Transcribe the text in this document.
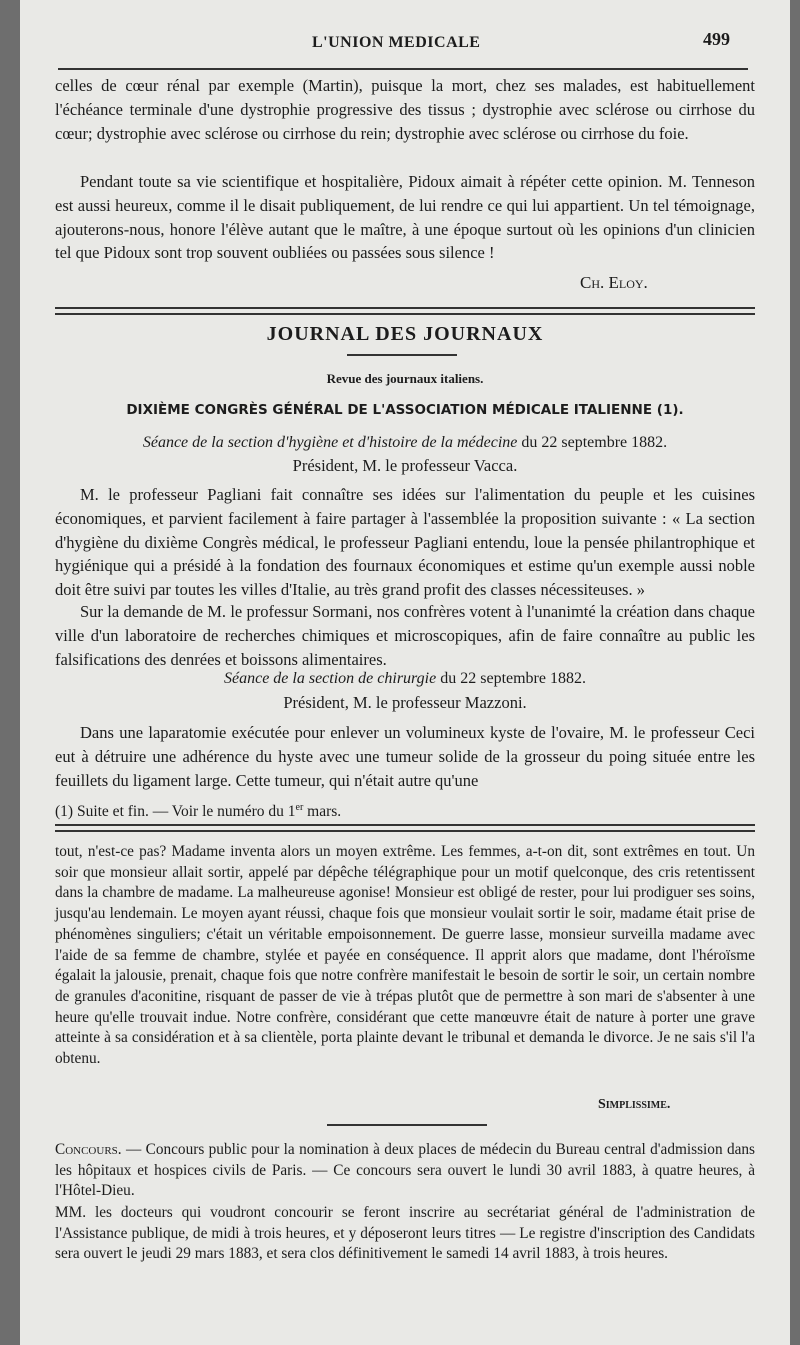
L'UNION MEDICALE	499
celles de cœur rénal par exemple (Martin), puisque la mort, chez ses malades, est habituellement l'échéance terminale d'une dystrophie progressive des tissus ; dystrophie avec sclérose ou cirrhose du cœur; dystrophie avec sclérose ou cirrhose du rein; dystrophie avec sclérose ou cirrhose du foie.
Pendant toute sa vie scientifique et hospitalière, Pidoux aimait à répéter cette opinion. M. Tenneson est aussi heureux, comme il le disait publiquement, de lui rendre ce qui lui appartient. Un tel témoignage, ajouterons-nous, honore l'élève autant que le maître, à une époque surtout où les opinions d'un clinicien tel que Pidoux sont trop souvent oubliées ou passées sous silence !
Ch. Eloy.
JOURNAL DES JOURNAUX
Revue des journaux italiens.
DIXIÈME CONGRÈS GÉNÉRAL DE L'ASSOCIATION MÉDICALE ITALIENNE (1).
Séance de la section d'hygiène et d'histoire de la médecine du 22 septembre 1882.
Président, M. le professeur Vacca.
M. le professeur Pagliani fait connaître ses idées sur l'alimentation du peuple et les cuisines économiques, et parvient facilement à faire partager à l'assemblée la proposition suivante : « La section d'hygiène du dixième Congrès médical, le professeur Pagliani entendu, loue la pensée philantrophique et hygiénique qui a présidé à la fondation des fournaux économiques et estime qu'un exemple aussi noble doit être suivi par toutes les villes d'Italie, au très grand profit des classes nécessiteuses. »
Sur la demande de M. le professur Sormani, nos confrères votent à l'unanimté la création dans chaque ville d'un laboratoire de recherches chimiques et microscopiques, afin de faire connaître au public les falsifications des denrées et boissons alimentaires.
Séance de la section de chirurgie du 22 septembre 1882.
Président, M. le professeur Mazzoni.
Dans une laparatomie exécutée pour enlever un volumineux kyste de l'ovaire, M. le professeur Ceci eut à détruire une adhérence du hyste avec une tumeur solide de la grosseur du poing située entre les feuillets du ligament large. Cette tumeur, qui n'était autre qu'une
(1) Suite et fin. — Voir le numéro du 1er mars.
tout, n'est-ce pas? Madame inventa alors un moyen extrême. Les femmes, a-t-on dit, sont extrêmes en tout. Un soir que monsieur allait sortir, appelé par dépêche télégraphique pour un motif quelconque, des cris retentissent dans la chambre de madame. La malheureuse agonise! Monsieur est obligé de rester, pour lui prodiguer ses soins, jusqu'au lendemain. Le moyen ayant réussi, chaque fois que monsieur voulait sortir le soir, madame était prise de phénomènes singuliers; c'était un véritable empoisonnement. De guerre lasse, monsieur surveilla madame avec l'aide de sa femme de chambre, stylée et payée en conséquence. Il apprit alors que madame, dont l'héroïsme égalait la jalousie, prenait, chaque fois que notre confrère manifestait le besoin de sortir le soir, un certain nombre de granules d'aconitine, risquant de passer de vie à trépas plutôt que de permettre à son mari de s'absenter à une heure qu'elle trouvait indue. Notre confrère, considérant que cette manœuvre était de nature à porter une grave atteinte à sa considération et à sa clientèle, porta plainte devant le tribunal et demanda le divorce. Je ne sais s'il l'a obtenu.
Simplissime.
Concours. — Concours public pour la nomination à deux places de médecin du Bureau central d'admission dans les hôpitaux et hospices civils de Paris. — Ce concours sera ouvert le lundi 30 avril 1883, à quatre heures, à l'Hôtel-Dieu.
MM. les docteurs qui voudront concourir se feront inscrire au secrétariat général de l'administration de l'Assistance publique, de midi à trois heures, et y déposeront leurs titres — Le registre d'inscription des Candidats sera ouvert le jeudi 29 mars 1883, et sera clos définitivement le samedi 14 avril 1883, à trois heures.
